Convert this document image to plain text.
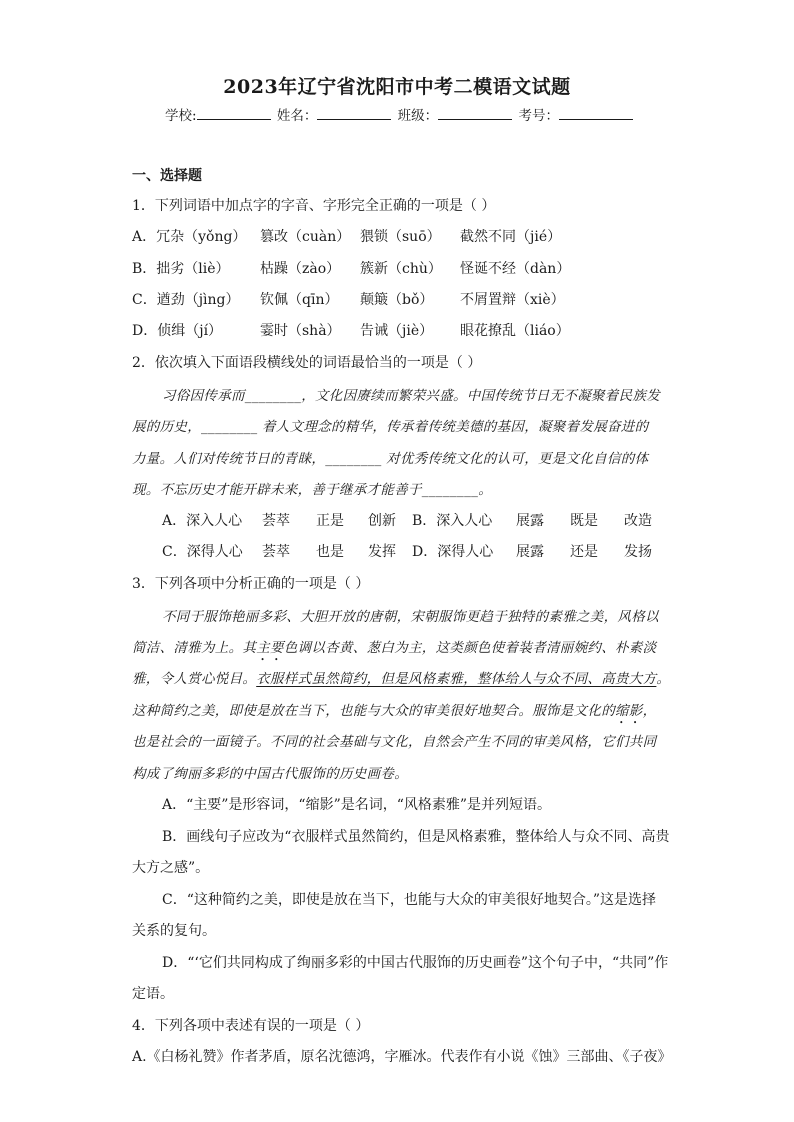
2023年辽宁省沈阳市中考二模语文试题
学校:	姓名：	班级：	考号：
一、选择题
1．下列词语中加点字的字音、字形完全正确的一项是（ ）
A．冗杂（yǒng） 篡改（cuàn） 猥锁（suō） 截然不同（jié）
B．拙劣（liè） 枯躁（zào） 簇新（chù） 怪诞不经（dàn）
C．遒劲（jìng） 钦佩（qīn） 颠簸（bǒ） 不屑置辩（xiè）
D．侦缉（jí）	霎时（shà） 告诫（jiè） 眼花撩乱（liáo）
2．依次填入下面语段横线处的词语最恰当的一项是（ ）
习俗因传承而________，文化因赓续而繁荣兴盛。中国传统节日无不凝聚着民族发
展的历史，________ 着人文理念的精华，传承着传统美德的基因，凝聚着发展奋进的
力量。人们对传统节日的青睐，________ 对优秀传统文化的认可，更是文化自信的体
现。不忘历史才能开辟未来，善于继承才能善于________。
A．深入人心 荟萃 正是 创新 B．深入人心 展露 既是 改造
C．深得人心 荟萃 也是 发挥 D．深得人心 展露 还是 发扬
3．下列各项中分析正确的一项是（ ）
不同于服饰艳丽多彩、大胆开放的唐朝，宋朝服饰更趋于独特的素雅之美，风格以
简洁、清雅为上。其主要色调以杏黄、葱白为主，这类颜色使着装者清丽婉约、朴素淡
雅，令人赏心悦目。衣服样式虽然简约，但是风格素雅，整体给人与众不同、高贵大方。
这种简约之美，即使是放在当下，也能与大众的审美很好地契合。服饰是文化的缩影，
也是社会的一面镜子。不同的社会基础与文化，自然会产生不同的审美风格，它们共同
构成了绚丽多彩的中国古代服饰的历史画卷。
A．“主要”是形容词，“缩影”是名词，“风格素雅”是并列短语。
B．画线句子应改为“衣服样式虽然简约，但是风格素雅，整体给人与众不同、高贵
大方之感”。
C．“这种简约之美，即使是放在当下，也能与大众的审美很好地契合。”这是选择
关系的复句。
D．“‘它们共同构成了绚丽多彩的中国古代服饰的历史画卷”这个句子中，“共同”作
定语。
4．下列各项中表述有误的一项是（ ）
A.《白杨礼赞》作者茅盾，原名沈德鸿，字雁冰。代表作有小说《蚀》三部曲、《子夜》
